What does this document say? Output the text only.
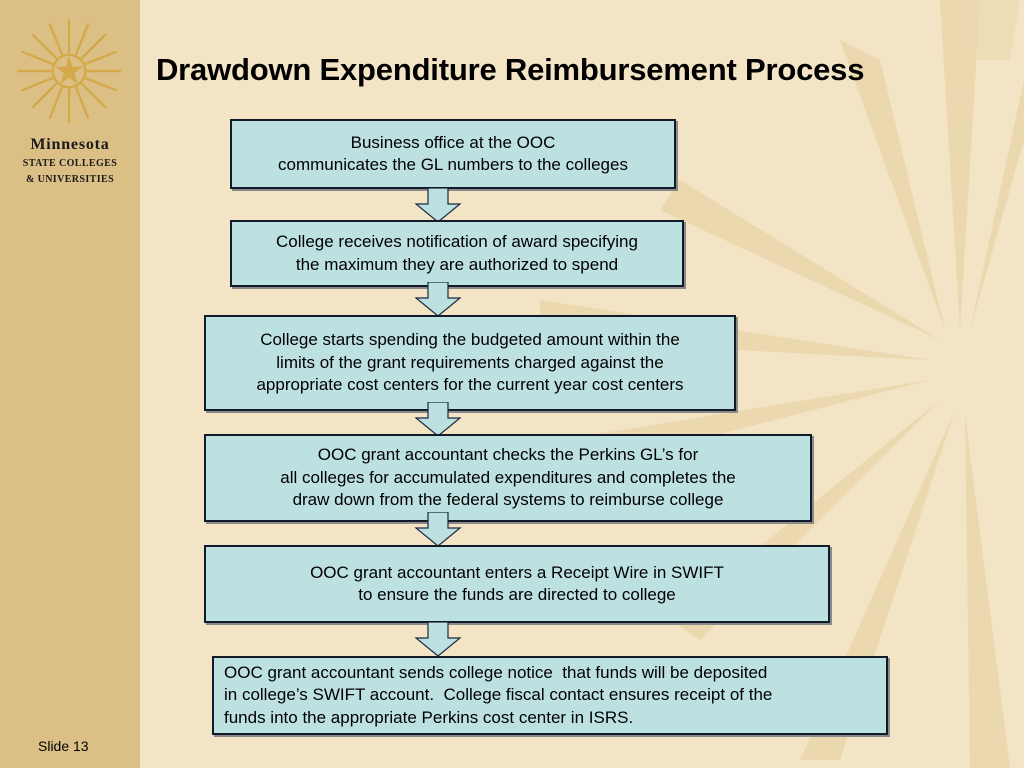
Minnesota
STATE COLLEGES
& UNIVERSITIES
Drawdown Expenditure Reimbursement Process
Business office at the OOC
communicates the GL numbers to the colleges
College receives notification of award specifying
the maximum they are authorized to spend
College starts spending the budgeted amount within the
limits of the grant requirements charged against the
appropriate cost centers for the current year cost centers
OOC grant accountant checks the Perkins GL’s for
all colleges for accumulated expenditures and completes the
draw down from the federal systems to reimburse college
OOC grant accountant enters a Receipt Wire in SWIFT
to ensure the funds are directed to college
OOC grant accountant sends college notice  that funds will be deposited
in college’s SWIFT account.  College fiscal contact ensures receipt of the
funds into the appropriate Perkins cost center in ISRS.
Slide 13
